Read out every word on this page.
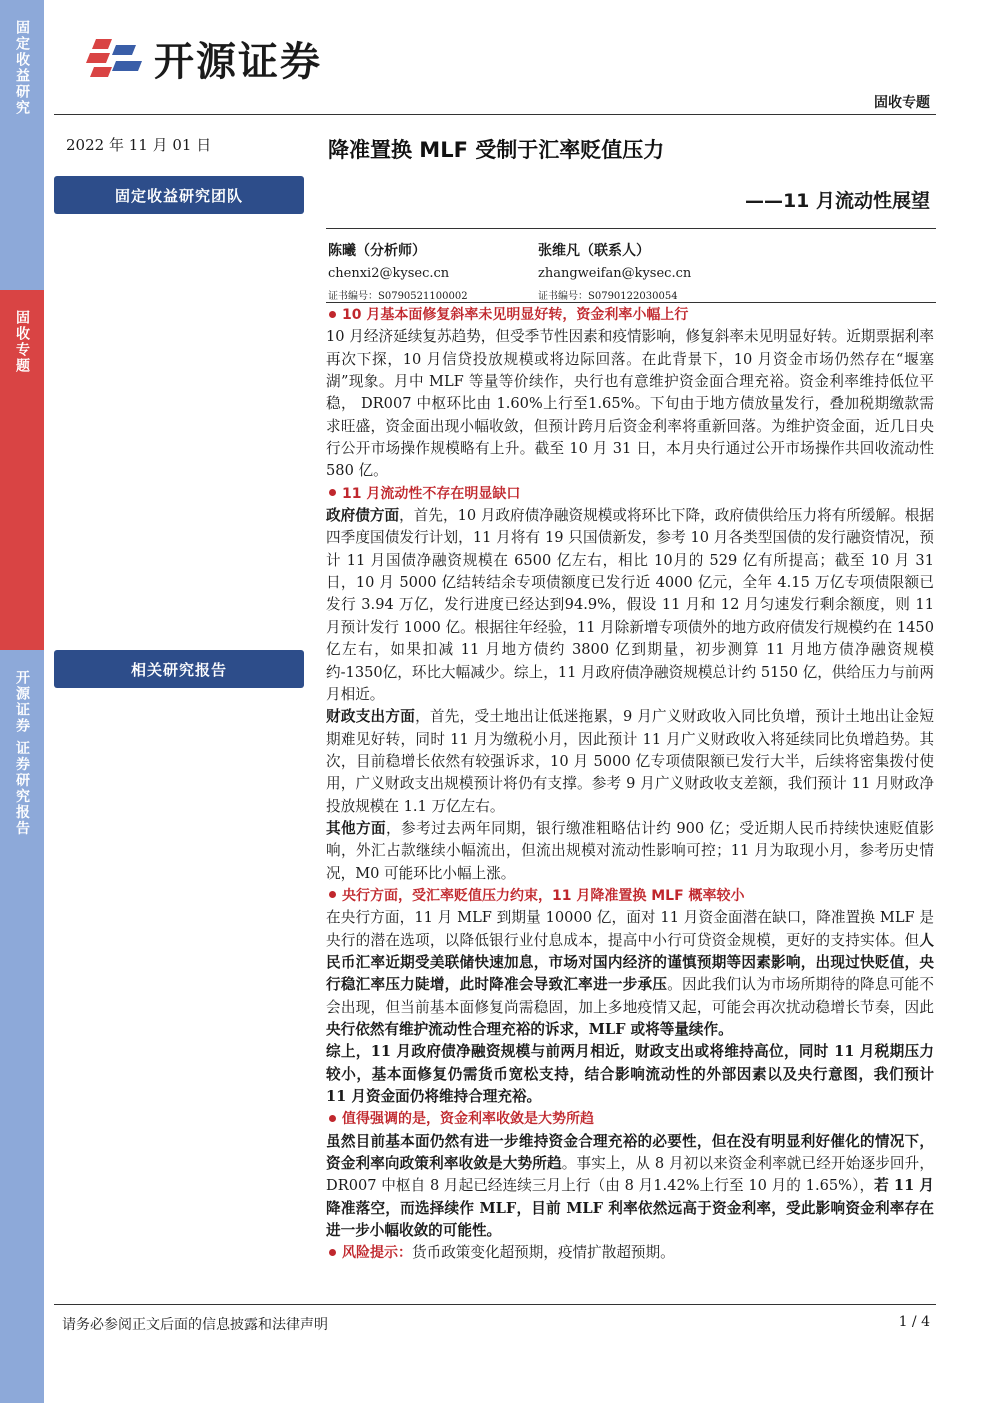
固定收益研究
固收专题
开源证券 证券研究报告
开源证券
固收专题
2022 年 11 月 01 日	降准置换 MLF 受制于汇率贬值压力
——11 月流动性展望
固定收益研究团队
相关研究报告
陈曦（分析师）
chenxi2@kysec.cn
证书编号：S0790521100002
张维凡（联系人）
zhangweifan@kysec.cn
证书编号：S0790122030054
10 月基本面修复斜率未见明显好转，资金利率小幅上行

10 月经济延续复苏趋势，但受季节性因素和疫情影响，修复斜率未见明显好转。近期票据利率再次下探，10 月信贷投放规模或将边际回落。在此背景下，10 月资金市场仍然存在“堰塞湖”现象。月中 MLF 等量等价续作，央行也有意维护资金面合理充裕。资金利率维持低位平稳， DR007 中枢环比由 1.60%上行至1.65%。下旬由于地方债放量发行，叠加税期缴款需求旺盛，资金面出现小幅收敛，但预计跨月后资金利率将重新回落。为维护资金面，近几日央行公开市场操作规模略有上升。截至 10 月 31 日，本月央行通过公开市场操作共回收流动性580 亿。

11 月流动性不存在明显缺口

政府债方面，首先，10 月政府债净融资规模或将环比下降，政府债供给压力将有所缓解。根据四季度国债发行计划，11 月将有 19 只国债新发，参考 10 月各类型国债的发行融资情况，预计 11 月国债净融资规模在 6500 亿左右，相比 10月的 529 亿有所提高；截至 10 月 31 日，10 月 5000 亿结转结余专项债额度已发行近 4000 亿元，全年 4.15 万亿专项债限额已发行 3.94 万亿，发行进度已经达到94.9%，假设 11 月和 12 月匀速发行剩余额度，则 11 月预计发行 1000 亿。根据往年经验，11 月除新增专项债外的地方政府债发行规模约在 1450 亿左右，如果扣减 11 月地方债约 3800 亿到期量，初步测算 11 月地方债净融资规模约-1350亿，环比大幅减少。综上，11 月政府债净融资规模总计约 5150 亿，供给压力与前两月相近。

财政支出方面，首先，受土地出让低迷拖累，9 月广义财政收入同比负增，预计土地出让金短期难见好转，同时 11 月为缴税小月，因此预计 11 月广义财政收入将延续同比负增趋势。其次，目前稳增长依然有较强诉求，10 月 5000 亿专项债限额已发行大半，后续将密集拨付使用，广义财政支出规模预计将仍有支撑。参考 9 月广义财政收支差额，我们预计 11 月财政净投放规模在 1.1 万亿左右。

其他方面，参考过去两年同期，银行缴准粗略估计约 900 亿；受近期人民币持续快速贬值影响，外汇占款继续小幅流出，但流出规模对流动性影响可控；11 月为取现小月，参考历史情况，M0 可能环比小幅上涨。

央行方面，受汇率贬值压力约束，11 月降准置换 MLF 概率较小

在央行方面，11 月 MLF 到期量 10000 亿，面对 11 月资金面潜在缺口，降准置换 MLF 是央行的潜在选项，以降低银行业付息成本，提高中小行可贷资金规模，更好的支持实体。但人民币汇率近期受美联储快速加息，市场对国内经济的谨慎预期等因素影响，出现过快贬值，央行稳汇率压力陡增，此时降准会导致汇率进一步承压。因此我们认为市场所期待的降息可能不会出现，但当前基本面修复尚需稳固，加上多地疫情又起，可能会再次扰动稳增长节奏，因此央行依然有维护流动性合理充裕的诉求，MLF 或将等量续作。

综上，11 月政府债净融资规模与前两月相近，财政支出或将维持高位，同时 11 月税期压力较小，基本面修复仍需货币宽松支持，结合影响流动性的外部因素以及央行意图，我们预计 11 月资金面仍将维持合理充裕。

值得强调的是，资金利率收敛是大势所趋

虽然目前基本面仍然有进一步维持资金合理充裕的必要性，但在没有明显利好催化的情况下，资金利率向政策利率收敛是大势所趋。事实上，从 8 月初以来资金利率就已经开始逐步回升，DR007 中枢自 8 月起已经连续三月上行（由 8 月1.42%上行至 10 月的 1.65%），若 11 月降准落空，而选择续作 MLF，目前 MLF 利率依然远高于资金利率，受此影响资金利率存在进一步小幅收敛的可能性。

风险提示：货币政策变化超预期，疫情扩散超预期。
请务必参阅正文后面的信息披露和法律声明	1 / 4
